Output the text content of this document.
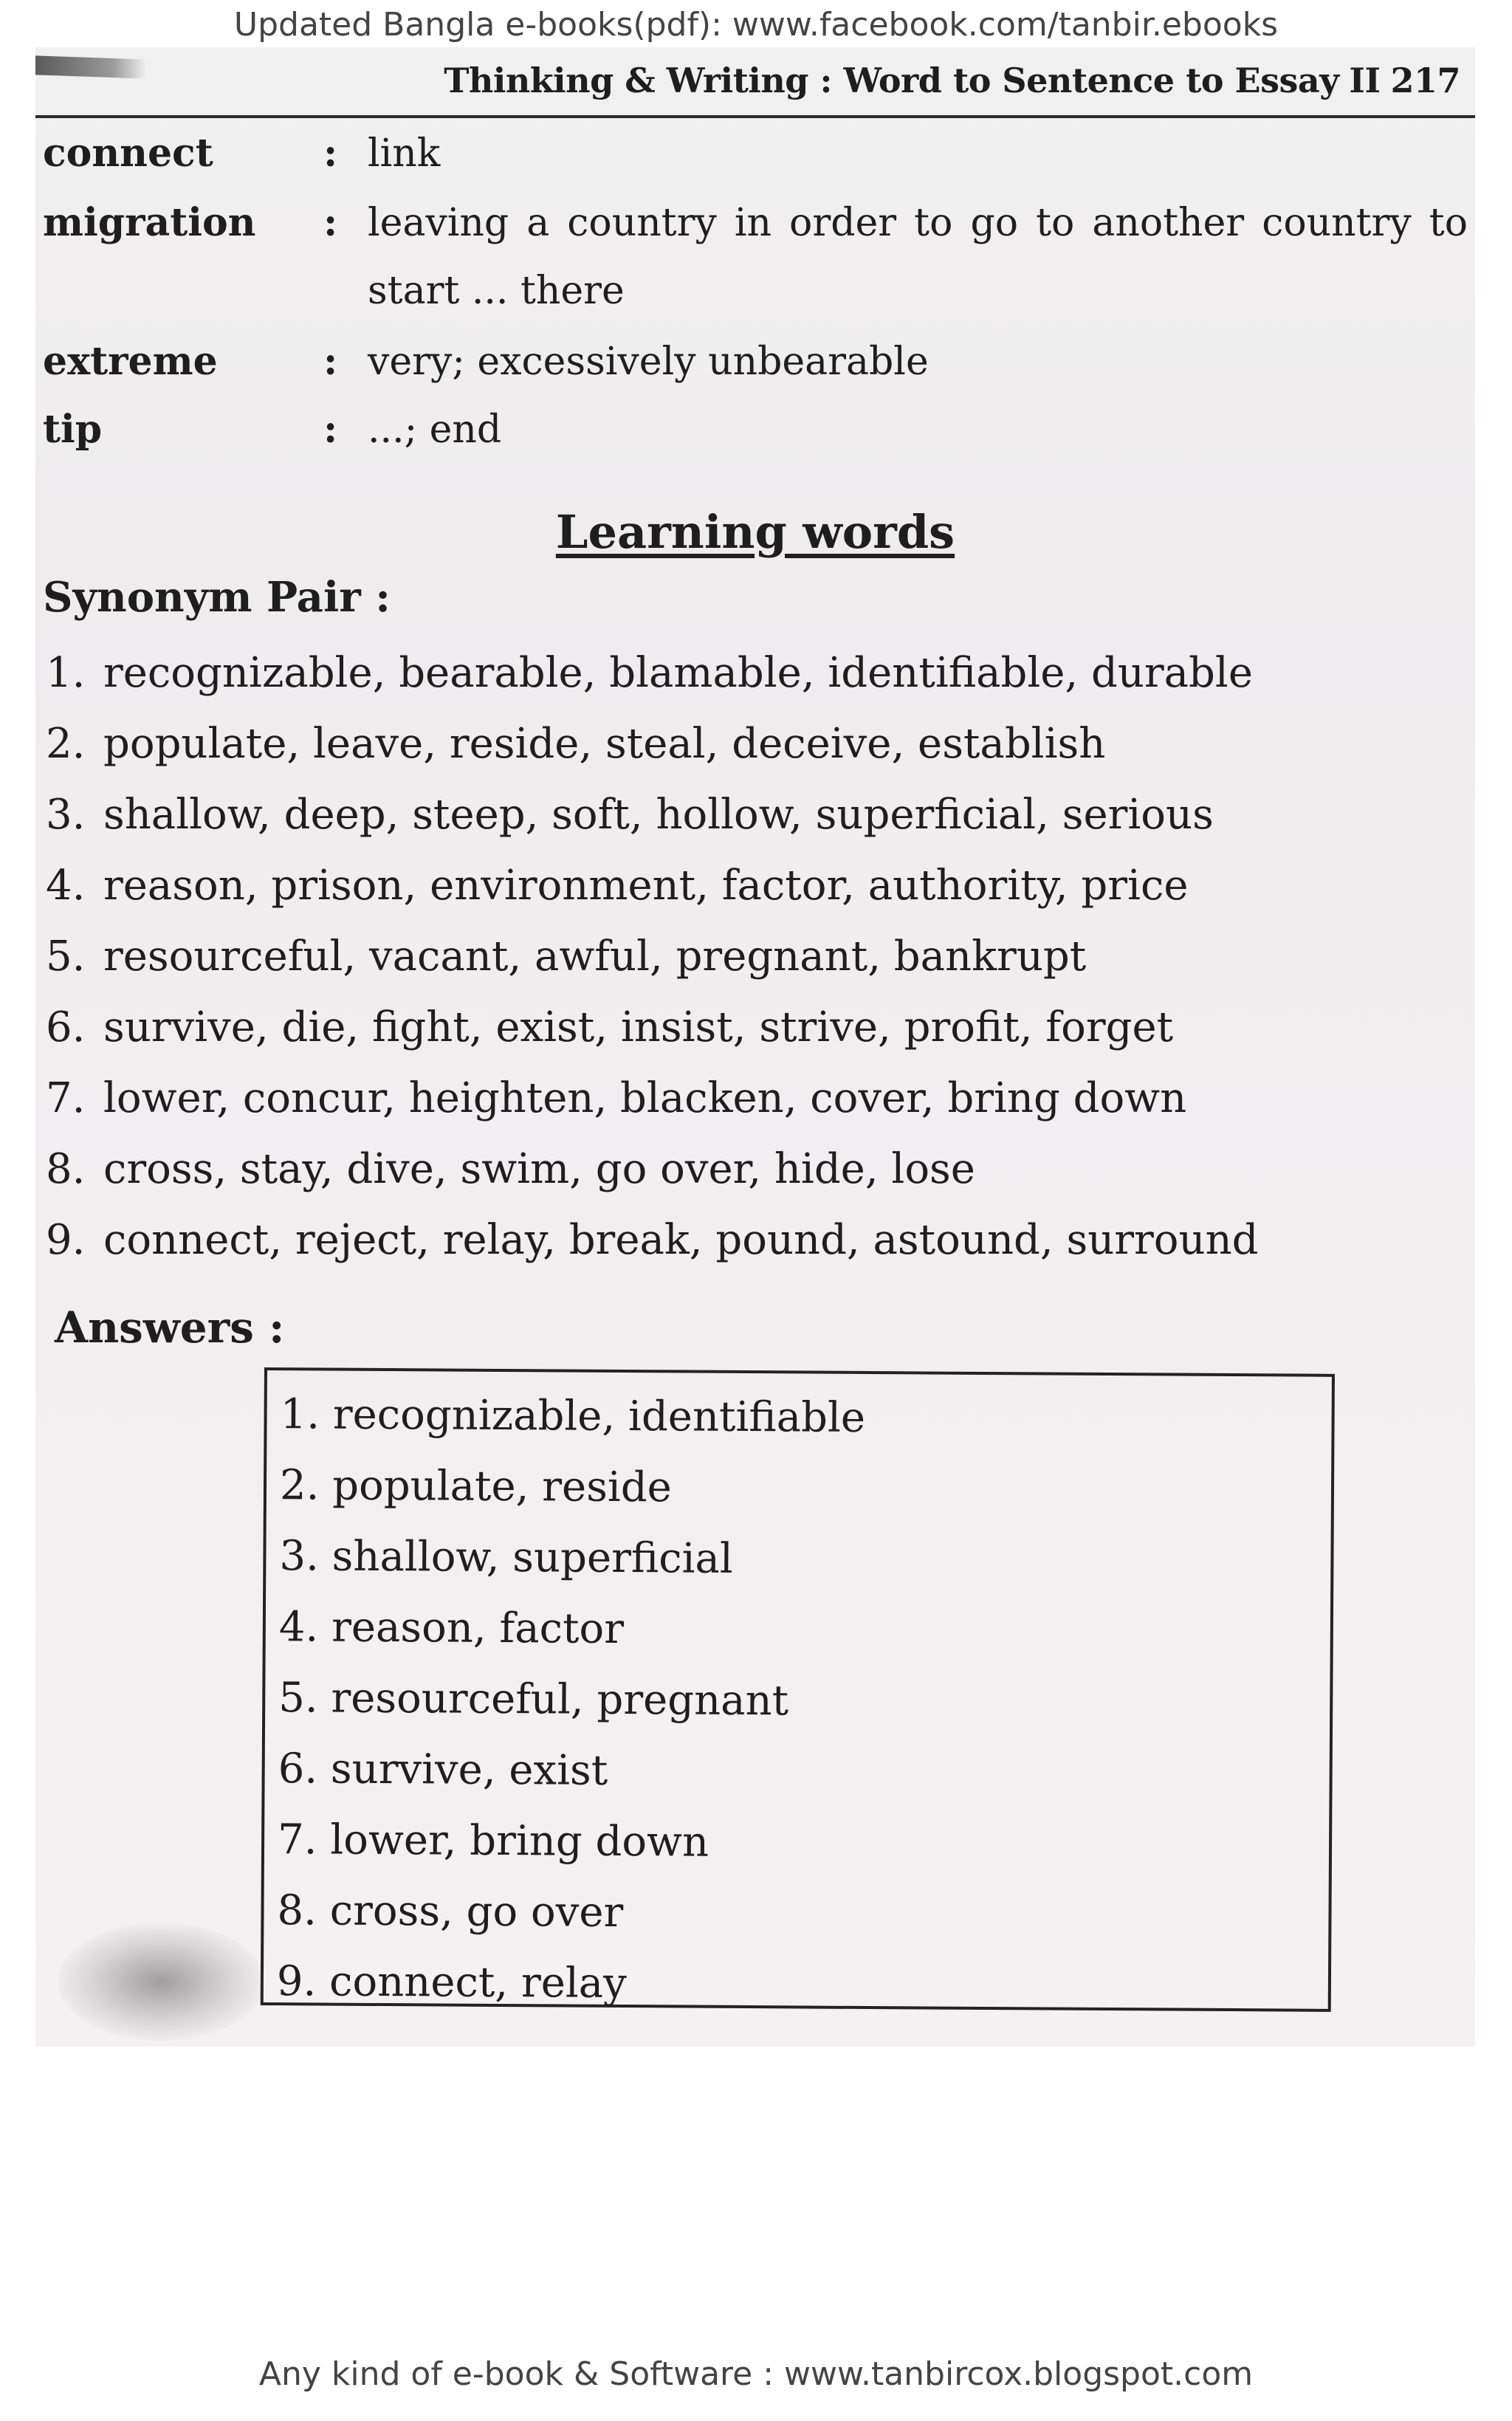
Updated Bangla e-books(pdf): www.facebook.com/tanbir.ebooks
Thinking & Writing : Word to Sentence to Essay II 217
connect	: link
migration : leaving a country in order to go to another country to start ... there
extreme	: very; excessively unbearable
tip	: ...; end
Learning words
Synonym Pair :
1. recognizable, bearable, blamable, identifiable, durable
2. populate, leave, reside, steal, deceive, establish
3. shallow, deep, steep, soft, hollow, superficial, serious
4. reason, prison, environment, factor, authority, price
5. resourceful, vacant, awful, pregnant, bankrupt
6. survive, die, fight, exist, insist, strive, profit, forget
7. lower, concur, heighten, blacken, cover, bring down
8. cross, stay, dive, swim, go over, hide, lose
9. connect, reject, relay, break, pound, astound, surround
Answers :
1. recognizable, identifiable
2. populate, reside
3. shallow, superficial
4. reason, factor
5. resourceful, pregnant
6. survive, exist
7. lower, bring down
8. cross, go over
9. connect, relay
Any kind of e-book & Software : www.tanbircox.blogspot.com
